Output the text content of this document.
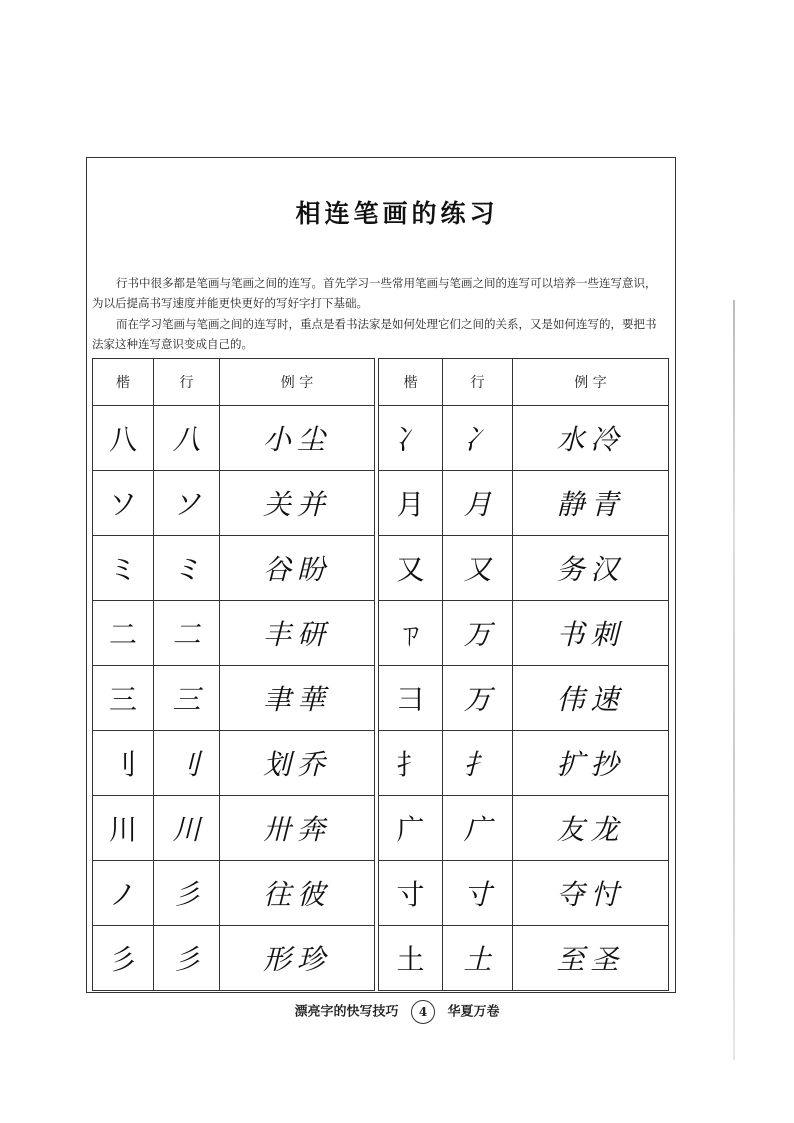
相连笔画的练习

行书中很多都是笔画与笔画之间的连写。首先学习一些常用笔画与笔画之间的连写可以培养一些连写意识，
为以后提高书写速度并能更快更好的写好字打下基础。

而在学习笔画与笔画之间的连写时，重点是看书法家是如何处理它们之间的关系，又是如何连写的，要把书
法家这种连写意识变成自己的。

楷	行	例 字
八	八	小尘
ソ	ソ	关并
ミ	ミ	谷盼
二	二	丰研
三	三	聿華
刂	刂	划乔
川	川	卅奔
ノ	彡	往彼
彡	彡	形珍
楷	行	例 字
冫	冫	水冷
月	月	静青
又	又	务汉
ㄗ	万	书刺
⺕	万	伟速
扌	扌	扩抄
广	广	友龙
寸	寸	夺忖
土	土	至圣
漂亮字的快写技巧 4 华夏万卷
